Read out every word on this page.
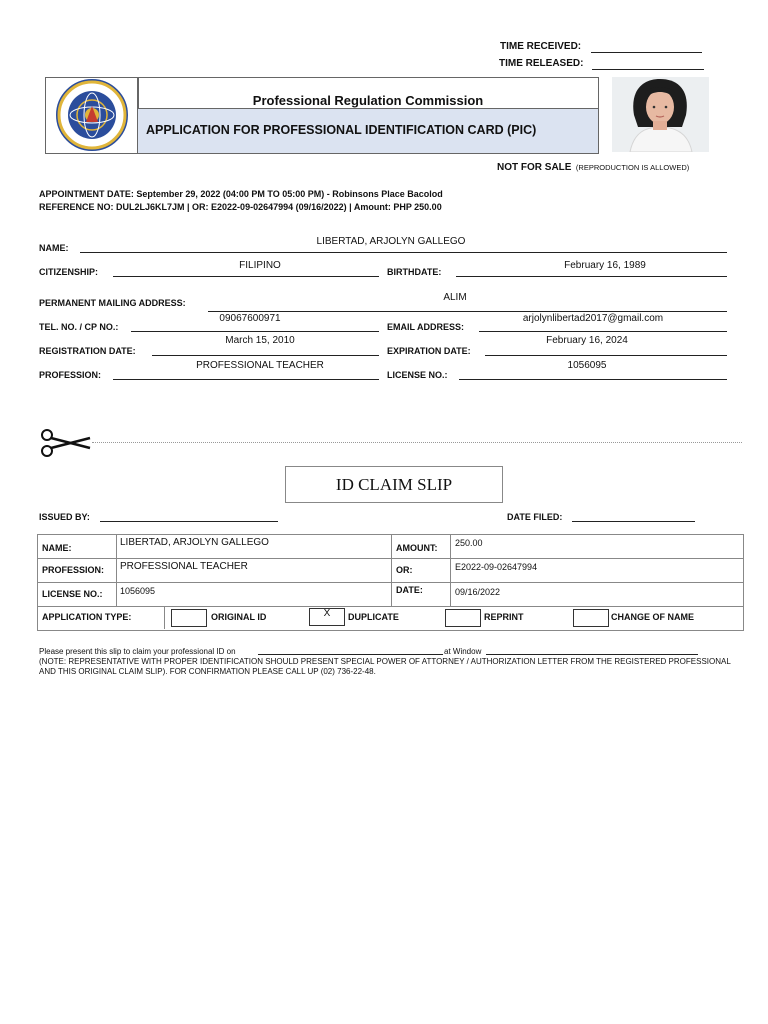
TIME RECEIVED:
TIME RELEASED:
Professional Regulation Commission
APPLICATION FOR PROFESSIONAL IDENTIFICATION CARD (PIC)
NOT FOR SALE (REPRODUCTION IS ALLOWED)
APPOINTMENT DATE: September 29, 2022 (04:00 PM TO 05:00 PM) - Robinsons Place Bacolod
REFERENCE NO: DUL2LJ6KL7JM | OR: E2022-09-02647994 (09/16/2022) | Amount: PHP 250.00
NAME:
LIBERTAD, ARJOLYN GALLEGO
CITIZENSHIP:
FILIPINO
BIRTHDATE:
February 16, 1989
PERMANENT MAILING ADDRESS:	ALIM
TEL. NO. / CP NO.:
09067600971
EMAIL ADDRESS:
arjolynlibertad2017@gmail.com
REGISTRATION DATE:
March 15, 2010
EXPIRATION DATE:
February 16, 2024
PROFESSION:
PROFESSIONAL TEACHER
LICENSE NO.:
1056095
ID CLAIM SLIP
ISSUED BY:	DATE FILED:
NAME:	LIBERTAD, ARJOLYN GALLEGO	AMOUNT: 250.00
PROFESSION: PROFESSIONAL TEACHER	OR:	E2022-09-02647994
LICENSE NO.: 1056095	DATE:	09/16/2022
APPLICATION TYPE:	ORIGINAL ID	X	DUPLICATE	REPRINT	CHANGE OF NAME
Please present this slip to claim your professional ID on	at Window
(NOTE: REPRESENTATIVE WITH PROPER IDENTIFICATION SHOULD PRESENT SPECIAL POWER OF ATTORNEY / AUTHORIZATION LETTER FROM THE REGISTERED PROFESSIONAL AND THIS ORIGINAL CLAIM SLIP). FOR CONFIRMATION PLEASE CALL UP (02) 736-22-48.
